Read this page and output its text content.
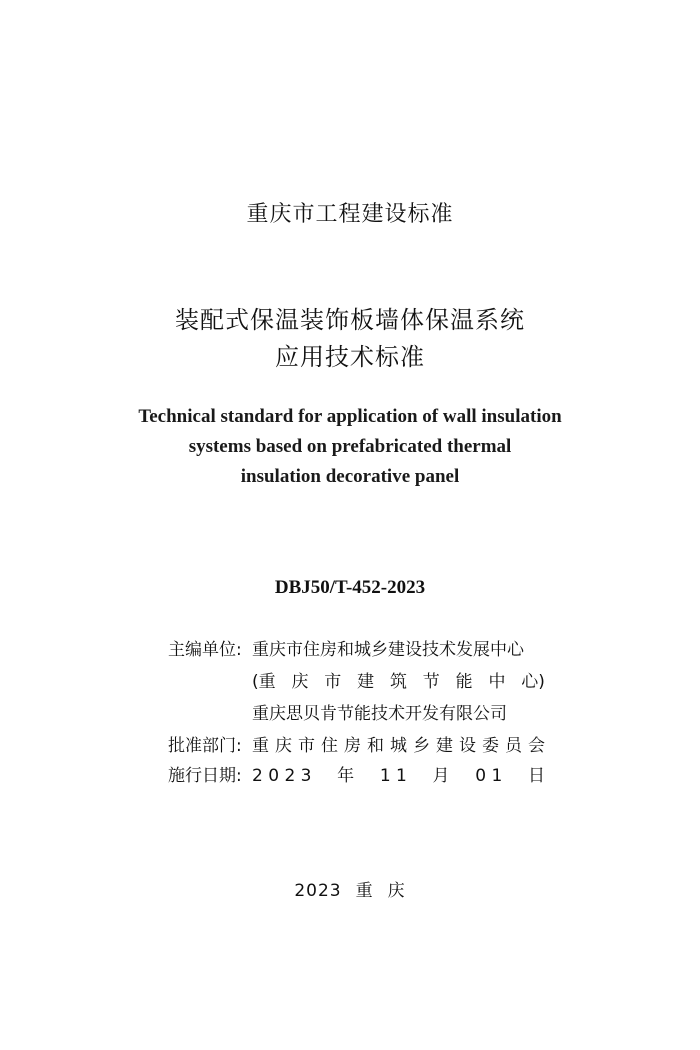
重庆市工程建设标准
装配式保温装饰板墙体保温系统
应用技术标准
Technical standard for application of wall insulation
systems based on prefabricated thermal
insulation decorative panel
DBJ50/T-452-2023
主编单位: 重庆市住房和城乡建设技术发展中心
(重 庆 市 建 筑 节 能 中 心)
重庆思贝肯节能技术开发有限公司
批准部门: 重 庆 市 住 房 和 城 乡 建 设 委 员 会
施行日期: 2 0 2 3 年 1 1 月 0 1 日
2023 重 庆
